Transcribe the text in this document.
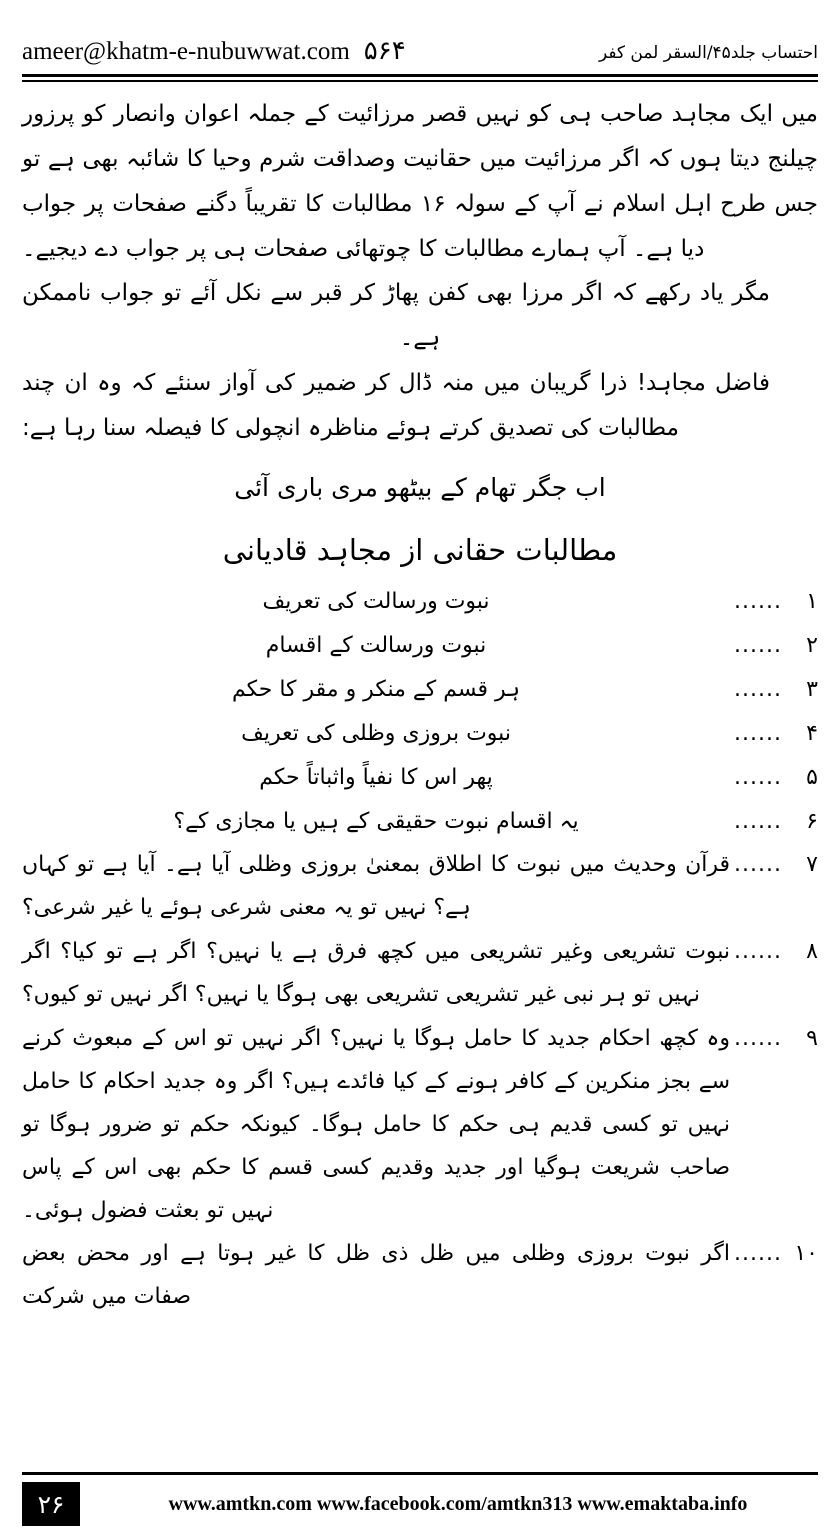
ameer@khatm-e-nubuwwat.com ۵۶۴	احتساب جلد۴۵/السقر لمن كفر

میں ایک مجاہد صاحب ہی کو نہیں قصر مرزائیت کے جملہ اعوان وانصار کو پرزور چیلنج دیتا ہوں کہ اگر مرزائیت میں حقانیت وصداقت شرم وحیا کا شائبہ بھی ہے تو جس طرح اہل اسلام نے آپ کے سولہ ۱۶ مطالبات کا تقریباً دگنے صفحات پر جواب دیا ہے۔ آپ ہمارے مطالبات کا چوتھائی صفحات ہی پر جواب دے دیجیے۔

مگر یاد رکھے کہ اگر مرزا بھی کفن پھاڑ کر قبر سے نکل آئے تو جواب ناممکن ہے۔

فاضل مجاہد! ذرا گریبان میں منہ ڈال کر ضمیر کی آواز سنئے کہ وہ ان چند مطالبات کی تصدیق کرتے ہوئے مناظرہ انچولی کا فیصلہ سنا رہا ہے:

اب جگر تھام کے بیٹھو مری باری آئی

مطالبات حقانی از مجاہد قادیانی

۱
......
نبوت ورسالت کی تعریف
۲
......
نبوت ورسالت کے اقسام
۳
......
ہر قسم کے منکر و مقر کا حکم
۴
......
نبوت بروزی وظلی کی تعریف
۵
......
پھر اس کا نفیاً واثباتاً حکم
۶
......
یہ اقسام نبوت حقیقی کے ہیں یا مجازی کے؟
۷
......
قرآن وحدیث میں نبوت کا اطلاق بمعنیٰ بروزی وظلی آیا ہے۔ آیا ہے تو کہاں ہے؟ نہیں تو یہ معنی شرعی ہوئے یا غیر شرعی؟
۸
......
نبوت تشریعی وغیر تشریعی میں کچھ فرق ہے یا نہیں؟ اگر ہے تو کیا؟ اگر نہیں تو ہر نبی غیر تشریعی تشریعی بھی ہوگا یا نہیں؟ اگر نہیں تو کیوں؟
۹
......
وہ کچھ احکام جدید کا حامل ہوگا یا نہیں؟ اگر نہیں تو اس کے مبعوث کرنے سے بجز منکرین کے کافر ہونے کے کیا فائدے ہیں؟ اگر وہ جدید احکام کا حامل نہیں تو کسی قدیم ہی حکم کا حامل ہوگا۔ کیونکہ حکم تو ضرور ہوگا تو صاحب شریعت ہوگیا اور جدید وقدیم کسی قسم کا حکم بھی اس کے پاس نہیں تو بعثت فضول ہوئی۔
۱۰
......
اگر نبوت بروزی وظلی میں ظل ذی ظل کا غیر ہوتا ہے اور محض بعض صفات میں شرکت
۲۶	www.amtkn.com www.facebook.com/amtkn313 www.emaktaba.info
